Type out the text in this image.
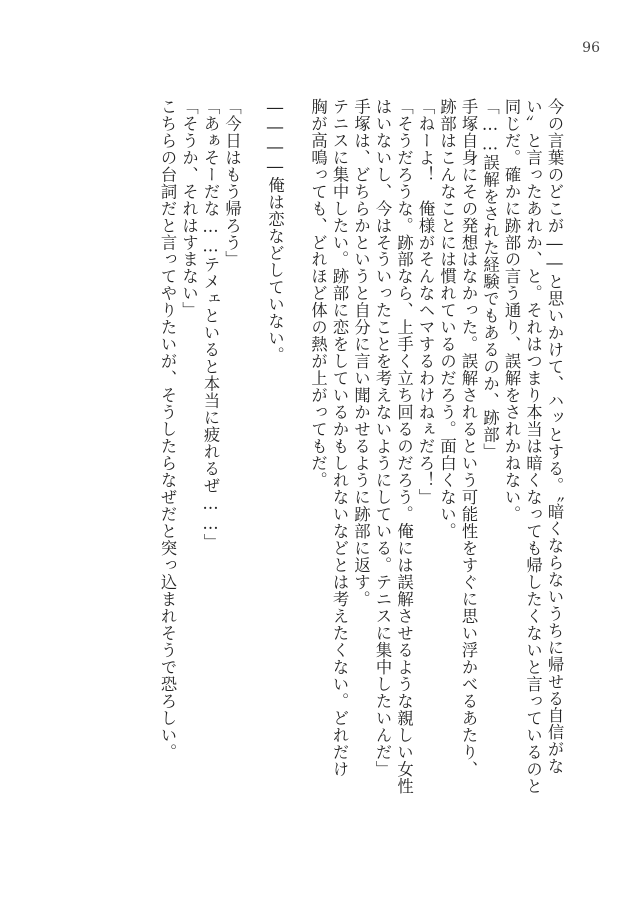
96
今の言葉のどこが――と思いかけて、ハッとする。〝暗くならないうちに帰せる自信がな
い〟と言ったあれか、と。それはつまり本当は暗くなっても帰したくないと言っているのと
同じだ。確かに跡部の言う通り、誤解をされかねない。
「……誤解をされた経験でもあるのか、跡部」
手塚自身にその発想はなかった。誤解されるという可能性をすぐに思い浮かべるあたり、
跡部はこんなことには慣れているのだろう。面白くない。
「ねーよ！　俺様がそんなヘマするわけねぇだろ！」
「そうだろうな。跡部なら、上手く立ち回るのだろう。俺には誤解させるような親しい女性
はいないし、今はそういったことを考えないようにしている。テニスに集中したいんだ」
手塚は、どちらかというと自分に言い聞かせるように跡部に返す。
テニスに集中したい。跡部に恋をしているかもしれないなどとは考えたくない。どれだけ
胸が高鳴っても、どれほど体の熱が上がってもだ。
――――俺は恋などしていない。
「今日はもう帰ろう」
「あぁそーだな……テメェといると本当に疲れるぜ……」
「そうか、それはすまない」
こちらの台詞だと言ってやりたいが、そうしたらなぜだと突っ込まれそうで恐ろしい。
